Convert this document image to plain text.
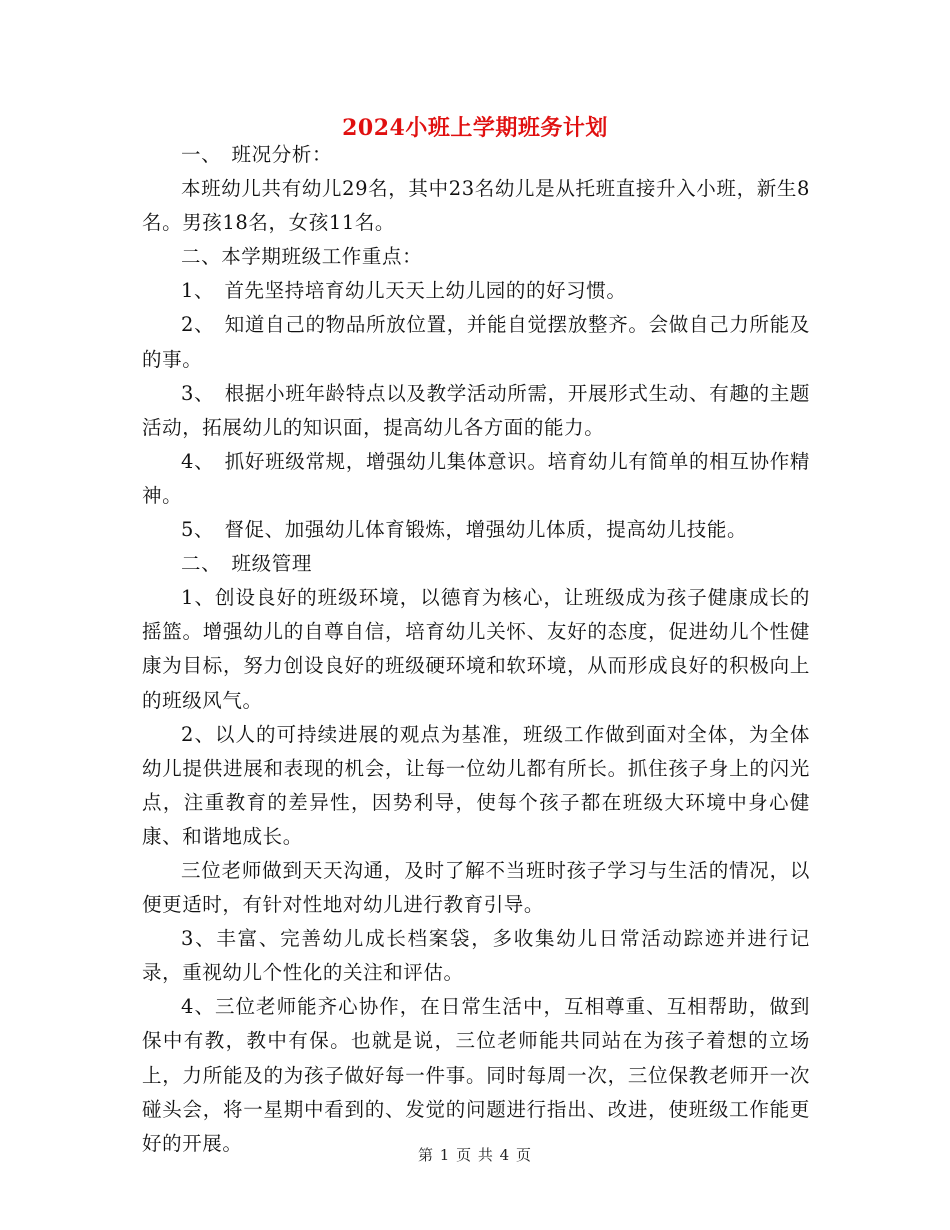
2024小班上学期班务计划

一、　班况分析：

本班幼儿共有幼儿29名，其中23名幼儿是从托班直接升入小班，新生8名。男孩18名，女孩11名。

二、本学期班级工作重点：

1、　首先坚持培育幼儿天天上幼儿园的的好习惯。

2、　知道自己的物品所放位置，并能自觉摆放整齐。会做自己力所能及的事。

3、　根据小班年龄特点以及教学活动所需，开展形式生动、有趣的主题活动，拓展幼儿的知识面，提高幼儿各方面的能力。

4、　抓好班级常规，增强幼儿集体意识。培育幼儿有简单的相互协作精神。

5、　督促、加强幼儿体育锻炼，增强幼儿体质，提高幼儿技能。

二、　班级管理

1、创设良好的班级环境，以德育为核心，让班级成为孩子健康成长的摇篮。增强幼儿的自尊自信，培育幼儿关怀、友好的态度，促进幼儿个性健康为目标，努力创设良好的班级硬环境和软环境，从而形成良好的积极向上的班级风气。

2、以人的可持续进展的观点为基准，班级工作做到面对全体，为全体幼儿提供进展和表现的机会，让每一位幼儿都有所长。抓住孩子身上的闪光点，注重教育的差异性，因势利导，使每个孩子都在班级大环境中身心健康、和谐地成长。

三位老师做到天天沟通，及时了解不当班时孩子学习与生活的情况，以便更适时，有针对性地对幼儿进行教育引导。

3、丰富、完善幼儿成长档案袋，多收集幼儿日常活动踪迹并进行记录，重视幼儿个性化的关注和评估。

4、三位老师能齐心协作，在日常生活中，互相尊重、互相帮助，做到保中有教，教中有保。也就是说，三位老师能共同站在为孩子着想的立场上，力所能及的为孩子做好每一件事。同时每周一次，三位保教老师开一次碰头会，将一星期中看到的、发觉的问题进行指出、改进，使班级工作能更好的开展。

第 1 页 共 4 页
